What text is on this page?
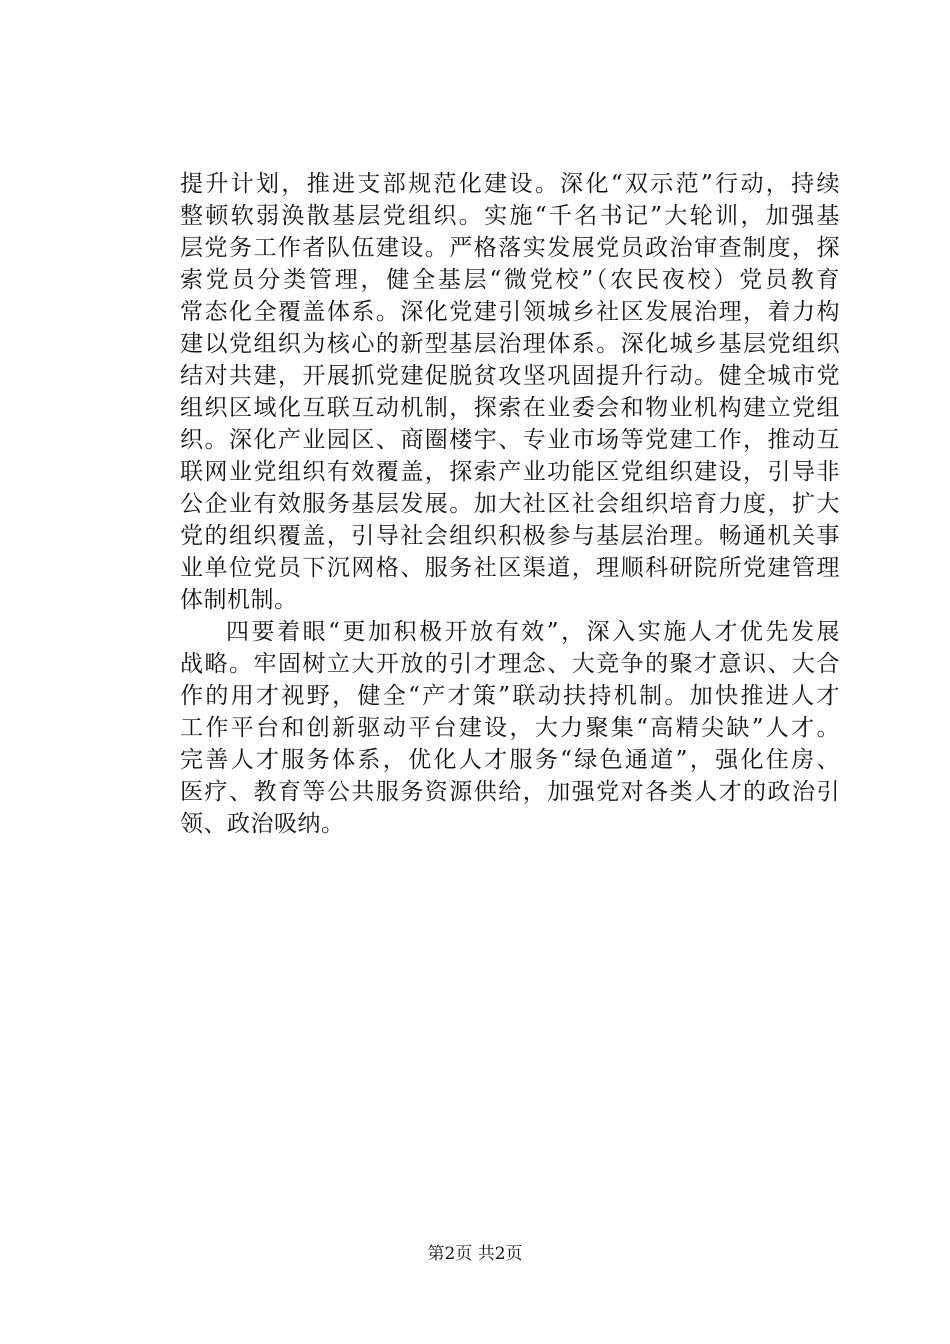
提升计划，推进支部规范化建设。深化“双示范”行动，持续
整顿软弱涣散基层党组织。实施“千名书记”大轮训，加强基
层党务工作者队伍建设。严格落实发展党员政治审查制度，探
索党员分类管理，健全基层“微党校”（农民夜校）党员教育
常态化全覆盖体系。深化党建引领城乡社区发展治理，着力构
建以党组织为核心的新型基层治理体系。深化城乡基层党组织
结对共建，开展抓党建促脱贫攻坚巩固提升行动。健全城市党
组织区域化互联互动机制，探索在业委会和物业机构建立党组
织。深化产业园区、商圈楼宇、专业市场等党建工作，推动互
联网业党组织有效覆盖，探索产业功能区党组织建设，引导非
公企业有效服务基层发展。加大社区社会组织培育力度，扩大
党的组织覆盖，引导社会组织积极参与基层治理。畅通机关事
业单位党员下沉网格、服务社区渠道，理顺科研院所党建管理
体制机制。
四要着眼“更加积极开放有效”，深入实施人才优先发展
战略。牢固树立大开放的引才理念、大竞争的聚才意识、大合
作的用才视野，健全“产才策”联动扶持机制。加快推进人才
工作平台和创新驱动平台建设，大力聚集“高精尖缺”人才。
完善人才服务体系，优化人才服务“绿色通道”，强化住房、
医疗、教育等公共服务资源供给，加强党对各类人才的政治引
领、政治吸纳。
第2页 共2页
